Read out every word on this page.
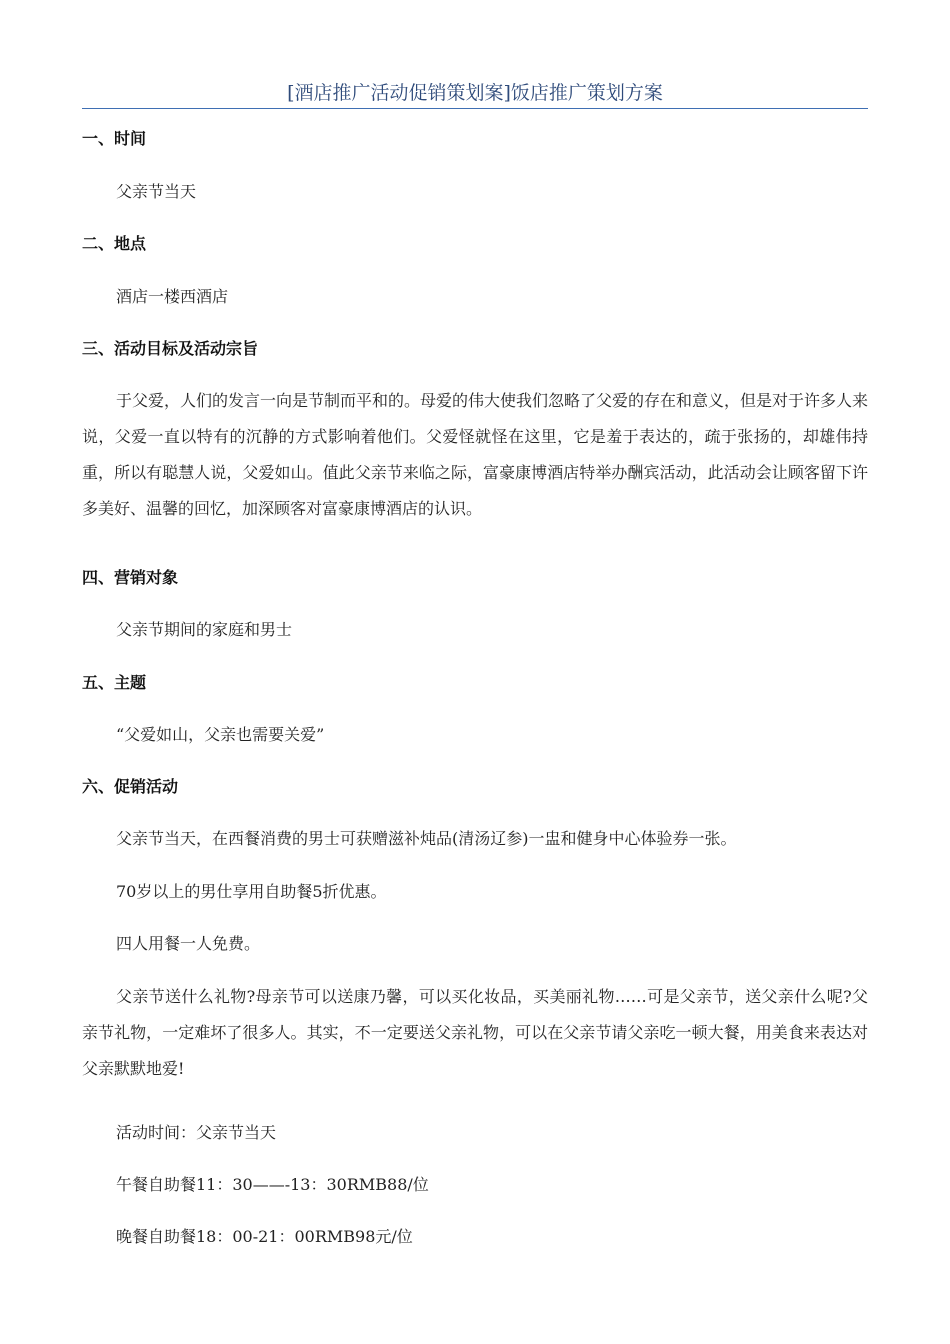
[酒店推广活动促销策划案]饭店推广策划方案
一、时间
父亲节当天
二、地点
酒店一楼西酒店
三、活动目标及活动宗旨
于父爱，人们的发言一向是节制而平和的。母爱的伟大使我们忽略了父爱的存在和意义，但是对于许多人来说，父爱一直以特有的沉静的方式影响着他们。父爱怪就怪在这里，它是羞于表达的，疏于张扬的，却雄伟持重，所以有聪慧人说，父爱如山。值此父亲节来临之际，富豪康博酒店特举办酬宾活动，此活动会让顾客留下许多美好、温馨的回忆，加深顾客对富豪康博酒店的认识。
四、营销对象
父亲节期间的家庭和男士
五、主题
“父爱如山，父亲也需要关爱”
六、促销活动
父亲节当天，在西餐消费的男士可获赠滋补炖品(清汤辽参)一盅和健身中心体验券一张。
70岁以上的男仕享用自助餐5折优惠。
四人用餐一人免费。
父亲节送什么礼物?母亲节可以送康乃馨，可以买化妆品，买美丽礼物……可是父亲节，送父亲什么呢?父亲节礼物，一定难坏了很多人。其实，不一定要送父亲礼物，可以在父亲节请父亲吃一顿大餐，用美食来表达对父亲默默地爱!
活动时间：父亲节当天
午餐自助餐11：30——-13：30RMB88/位
晚餐自助餐18：00-21：00RMB98元/位
